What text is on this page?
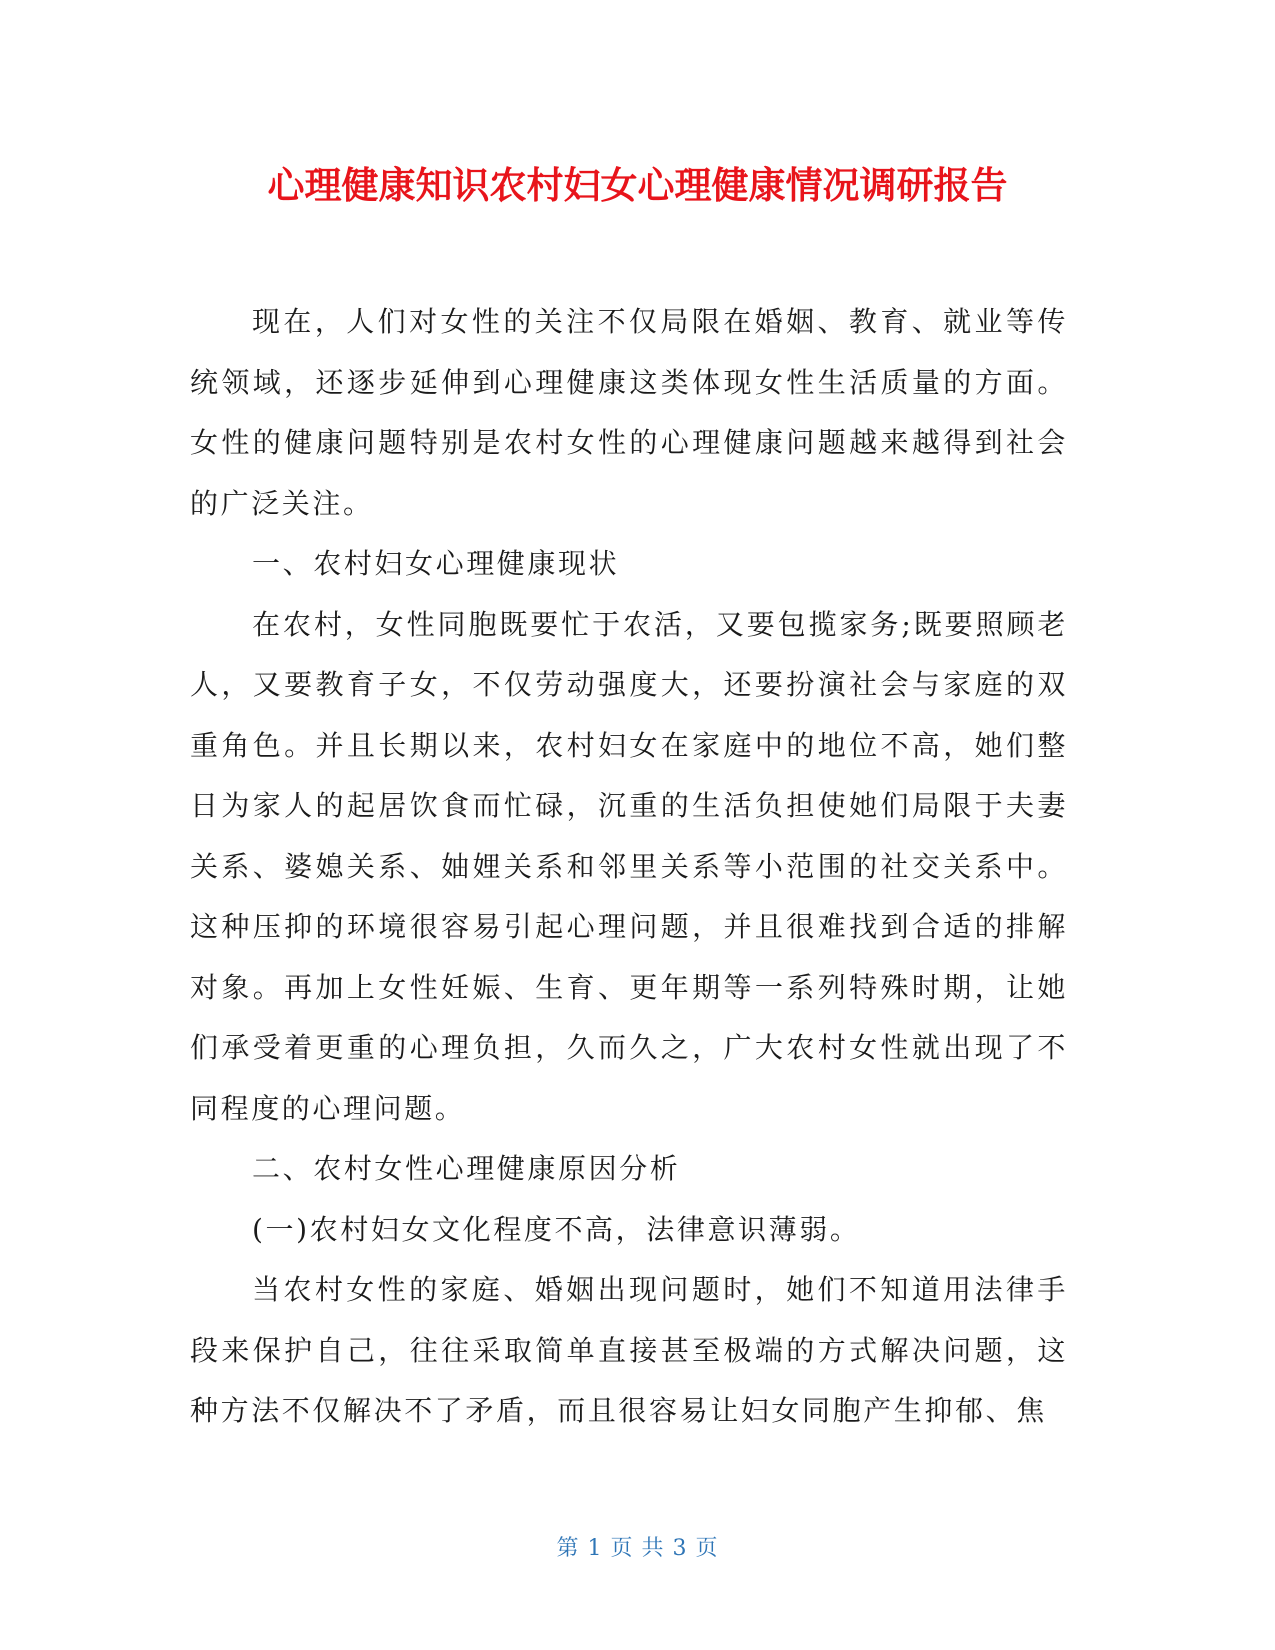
心理健康知识农村妇女心理健康情况调研报告

现在，人们对女性的关注不仅局限在婚姻、教育、就业等传统领域，还逐步延伸到心理健康这类体现女性生活质量的方面。女性的健康问题特别是农村女性的心理健康问题越来越得到社会的广泛关注。

一、农村妇女心理健康现状

在农村，女性同胞既要忙于农活，又要包揽家务;既要照顾老人，又要教育子女，不仅劳动强度大，还要扮演社会与家庭的双重角色。并且长期以来，农村妇女在家庭中的地位不高，她们整日为家人的起居饮食而忙碌，沉重的生活负担使她们局限于夫妻关系、婆媳关系、妯娌关系和邻里关系等小范围的社交关系中。这种压抑的环境很容易引起心理问题，并且很难找到合适的排解对象。再加上女性妊娠、生育、更年期等一系列特殊时期，让她们承受着更重的心理负担，久而久之，广大农村女性就出现了不同程度的心理问题。

二、农村女性心理健康原因分析

(一)农村妇女文化程度不高，法律意识薄弱。

当农村女性的家庭、婚姻出现问题时，她们不知道用法律手段来保护自己，往往采取简单直接甚至极端的方式解决问题，这种方法不仅解决不了矛盾，而且很容易让妇女同胞产生抑郁、焦

第 1 页 共 3 页
